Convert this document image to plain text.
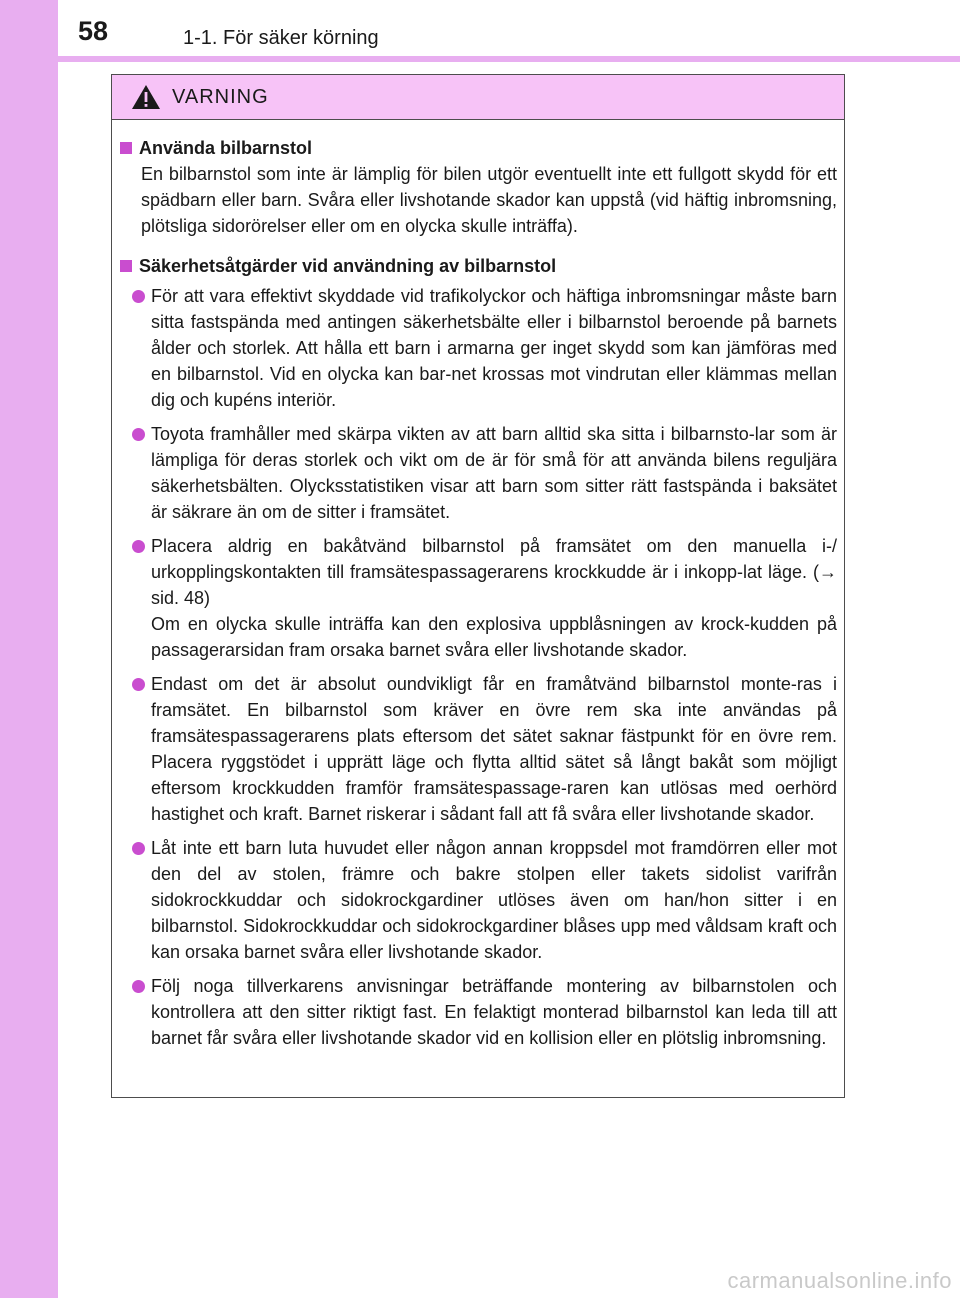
58	1-1. För säker körning
VARNING
Använda bilbarnstol

En bilbarnstol som inte är lämplig för bilen utgör eventuellt inte ett fullgott skydd för ett spädbarn eller barn. Svåra eller livshotande skador kan uppstå (vid häftig inbromsning, plötsliga sidorörelser eller om en olycka skulle inträffa).

Säkerhetsåtgärder vid användning av bilbarnstol
För att vara effektivt skyddade vid trafikolyckor och häftiga inbromsningar måste barn sitta fastspända med antingen säkerhetsbälte eller i bilbarnstol beroende på barnets ålder och storlek. Att hålla ett barn i armarna ger inget skydd som kan jämföras med en bilbarnstol. Vid en olycka kan bar-net krossas mot vindrutan eller klämmas mellan dig och kupéns interiör.
Toyota framhåller med skärpa vikten av att barn alltid ska sitta i bilbarnsto-lar som är lämpliga för deras storlek och vikt om de är för små för att använda bilens reguljära säkerhetsbälten. Olycksstatistiken visar att barn som sitter rätt fastspända i baksätet är säkrare än om de sitter i framsätet.
Placera aldrig en bakåtvänd bilbarnstol på framsätet om den manuella i-/ urkopplingskontakten till framsätespassagerarens krockkudde är i inkopp-lat läge. (→ sid. 48)
Om en olycka skulle inträffa kan den explosiva uppblåsningen av krock-kudden på passagerarsidan fram orsaka barnet svåra eller livshotande skador.
Endast om det är absolut oundvikligt får en framåtvänd bilbarnstol monte-ras i framsätet. En bilbarnstol som kräver en övre rem ska inte användas på framsätespassagerarens plats eftersom det sätet saknar fästpunkt för en övre rem. Placera ryggstödet i upprätt läge och flytta alltid sätet så långt bakåt som möjligt eftersom krockkudden framför framsätespassage-raren kan utlösas med oerhörd hastighet och kraft. Barnet riskerar i sådant fall att få svåra eller livshotande skador.
Låt inte ett barn luta huvudet eller någon annan kroppsdel mot framdörren eller mot den del av stolen, främre och bakre stolpen eller takets sidolist varifrån sidokrockkuddar och sidokrockgardiner utlöses även om han/hon sitter i en bilbarnstol. Sidokrockkuddar och sidokrockgardiner blåses upp med våldsam kraft och kan orsaka barnet svåra eller livshotande skador.
Följ noga tillverkarens anvisningar beträffande montering av bilbarnstolen och kontrollera att den sitter riktigt fast. En felaktigt monterad bilbarnstol kan leda till att barnet får svåra eller livshotande skador vid en kollision eller en plötslig inbromsning.
carmanualsonline.info
